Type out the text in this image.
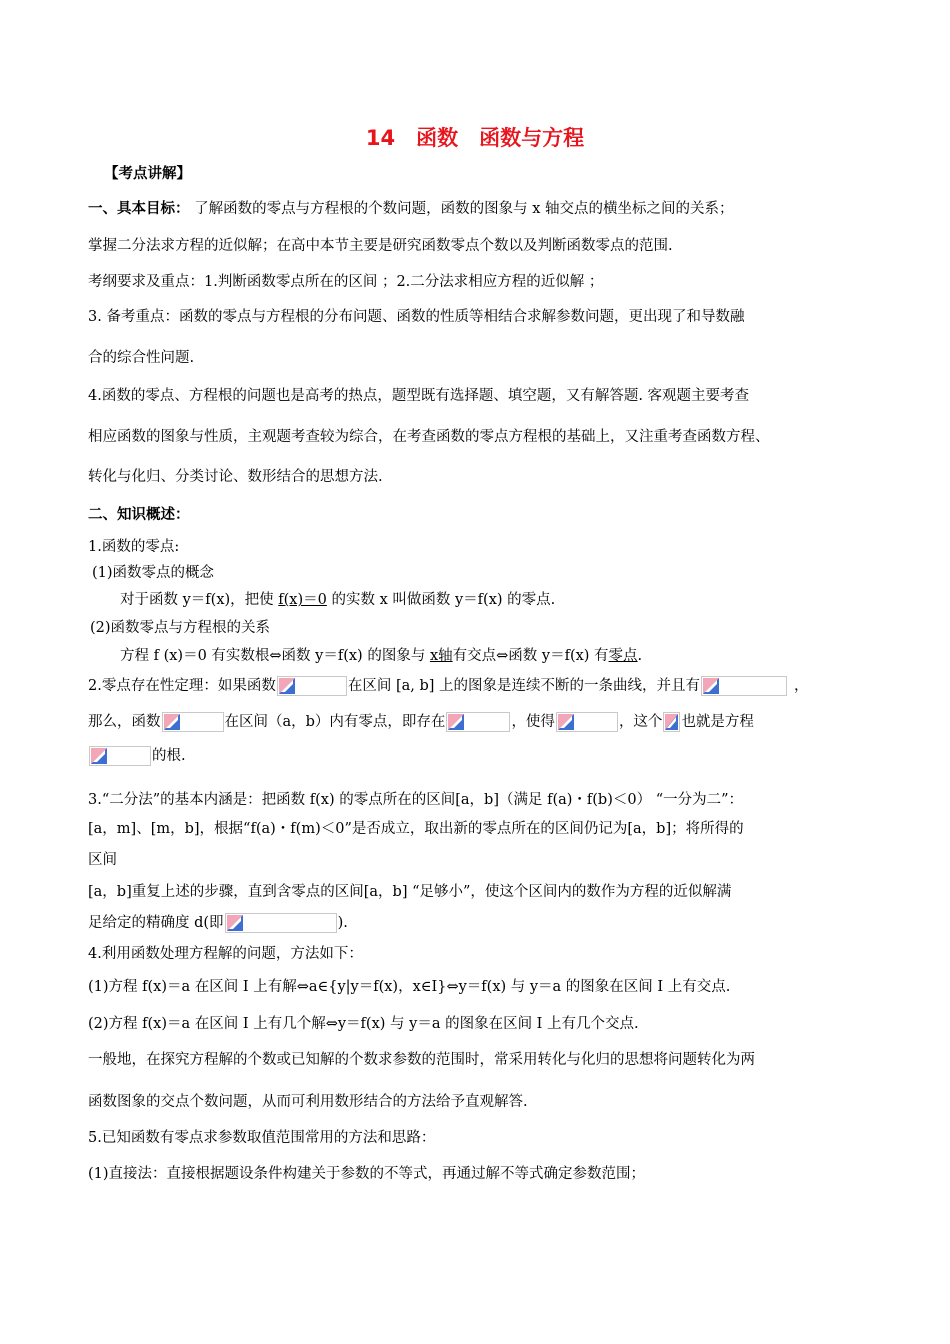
14　函数　函数与方程
【考点讲解】
一、具本目标： 了解函数的零点与方程根的个数问题，函数的图象与 x 轴交点的横坐标之间的关系；
掌握二分法求方程的近似解；在高中本节主要是研究函数零点个数以及判断函数零点的范围.
考纲要求及重点：1.判断函数零点所在的区间 ；2.二分法求相应方程的近似解 ；
3. 备考重点：函数的零点与方程根的分布问题、函数的性质等相结合求解参数问题，更出现了和导数融
合的综合性问题.
4.函数的零点、方程根的问题也是高考的热点，题型既有选择题、填空题，又有解答题. 客观题主要考查
相应函数的图象与性质，主观题考查较为综合，在考查函数的零点方程根的基础上，又注重考查函数方程、
转化与化归、分类讨论、数形结合的思想方法.
二、知识概述：
1.函数的零点:
(1)函数零点的概念
对于函数 y＝f(x)，把使 f(x)＝0 的实数 x 叫做函数 y＝f(x) 的零点.
(2)函数零点与方程根的关系
方程 f (x)＝0 有实数根⇔函数 y＝f(x) 的图象与 x轴有交点⇔函数 y＝f(x) 有零点.
2.零点存在性定理：如果函数	在区间 [a, b] 上的图象是连续不断的一条曲线，并且有	，
那么，函数	在区间（a，b）内有零点，即存在	，使得	，这个 也就是方程
的根.
3.“二分法”的基本内涵是：把函数 f(x) 的零点所在的区间[a，b]（满足 f(a)・f(b)＜0） “一分为二”：
[a，m]、[m，b]，根据“f(a)・f(m)＜0”是否成立，取出新的零点所在的区间仍记为[a，b]；将所得的
区间
[a，b]重复上述的步骤，直到含零点的区间[a，b] “足够小”，使这个区间内的数作为方程的近似解满
足给定的精确度 d(即	).
4.利用函数处理方程解的问题，方法如下：
(1)方程 f(x)＝a 在区间 I 上有解⇔a∈{y|y＝f(x)，x∈I}⇔y＝f(x) 与 y＝a 的图象在区间 I 上有交点.
(2)方程 f(x)＝a 在区间 I 上有几个解⇔y＝f(x) 与 y＝a 的图象在区间 I 上有几个交点.
一般地，在探究方程解的个数或已知解的个数求参数的范围时，常采用转化与化归的思想将问题转化为两
函数图象的交点个数问题，从而可利用数形结合的方法给予直观解答.
5.已知函数有零点求参数取值范围常用的方法和思路：
(1)直接法：直接根据题设条件构建关于参数的不等式，再通过解不等式确定参数范围；
